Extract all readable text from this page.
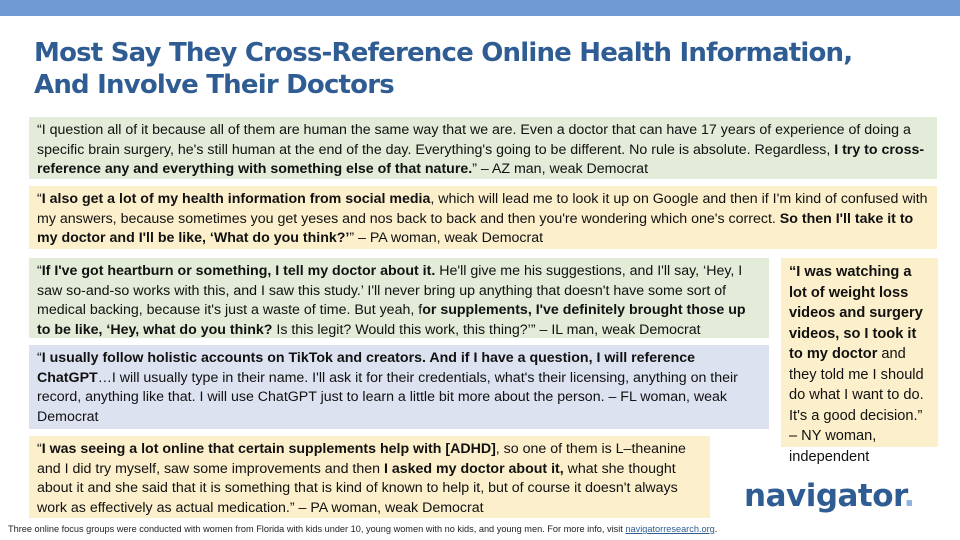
Most Say They Cross-Reference Online Health Information, And Involve Their Doctors
“I question all of it because all of them are human the same way that we are. Even a doctor that can have 17 years of experience of doing a specific brain surgery, he's still human at the end of the day. Everything's going to be different. No rule is absolute. Regardless, I try to cross-reference any and everything with something else of that nature.” – AZ man, weak Democrat
“I also get a lot of my health information from social media, which will lead me to look it up on Google and then if I'm kind of confused with my answers, because sometimes you get yeses and nos back to back and then you're wondering which one's correct. So then I'll take it to my doctor and I'll be like, ‘What do you think?’” – PA woman, weak Democrat
“If I've got heartburn or something, I tell my doctor about it. He'll give me his suggestions, and I'll say, ‘Hey, I saw so-and-so works with this, and I saw this study.’ I'll never bring up anything that doesn't have some sort of medical backing, because it's just a waste of time. But yeah, for supplements, I've definitely brought those up to be like, ‘Hey, what do you think? Is this legit? Would this work, this thing?’” – IL man, weak Democrat
“I usually follow holistic accounts on TikTok and creators. And if I have a question, I will reference ChatGPT…I will usually type in their name. I'll ask it for their credentials, what's their licensing, anything on their record, anything like that. I will use ChatGPT just to learn a little bit more about the person. – FL woman, weak Democrat
“I was seeing a lot online that certain supplements help with [ADHD], so one of them is L–theanine and I did try myself, saw some improvements and then I asked my doctor about it, what she thought about it and she said that it is something that is kind of known to help it, but of course it doesn't always work as effectively as actual medication.” – PA woman, weak Democrat
“I was watching a lot of weight loss videos and surgery videos, so I took it to my doctor and they told me I should do what I want to do. It's a good decision.” – NY woman, independent
navigator.
Three online focus groups were conducted with women from Florida with kids under 10, young women with no kids, and young men. For more info, visit navigatorresearch.org.
